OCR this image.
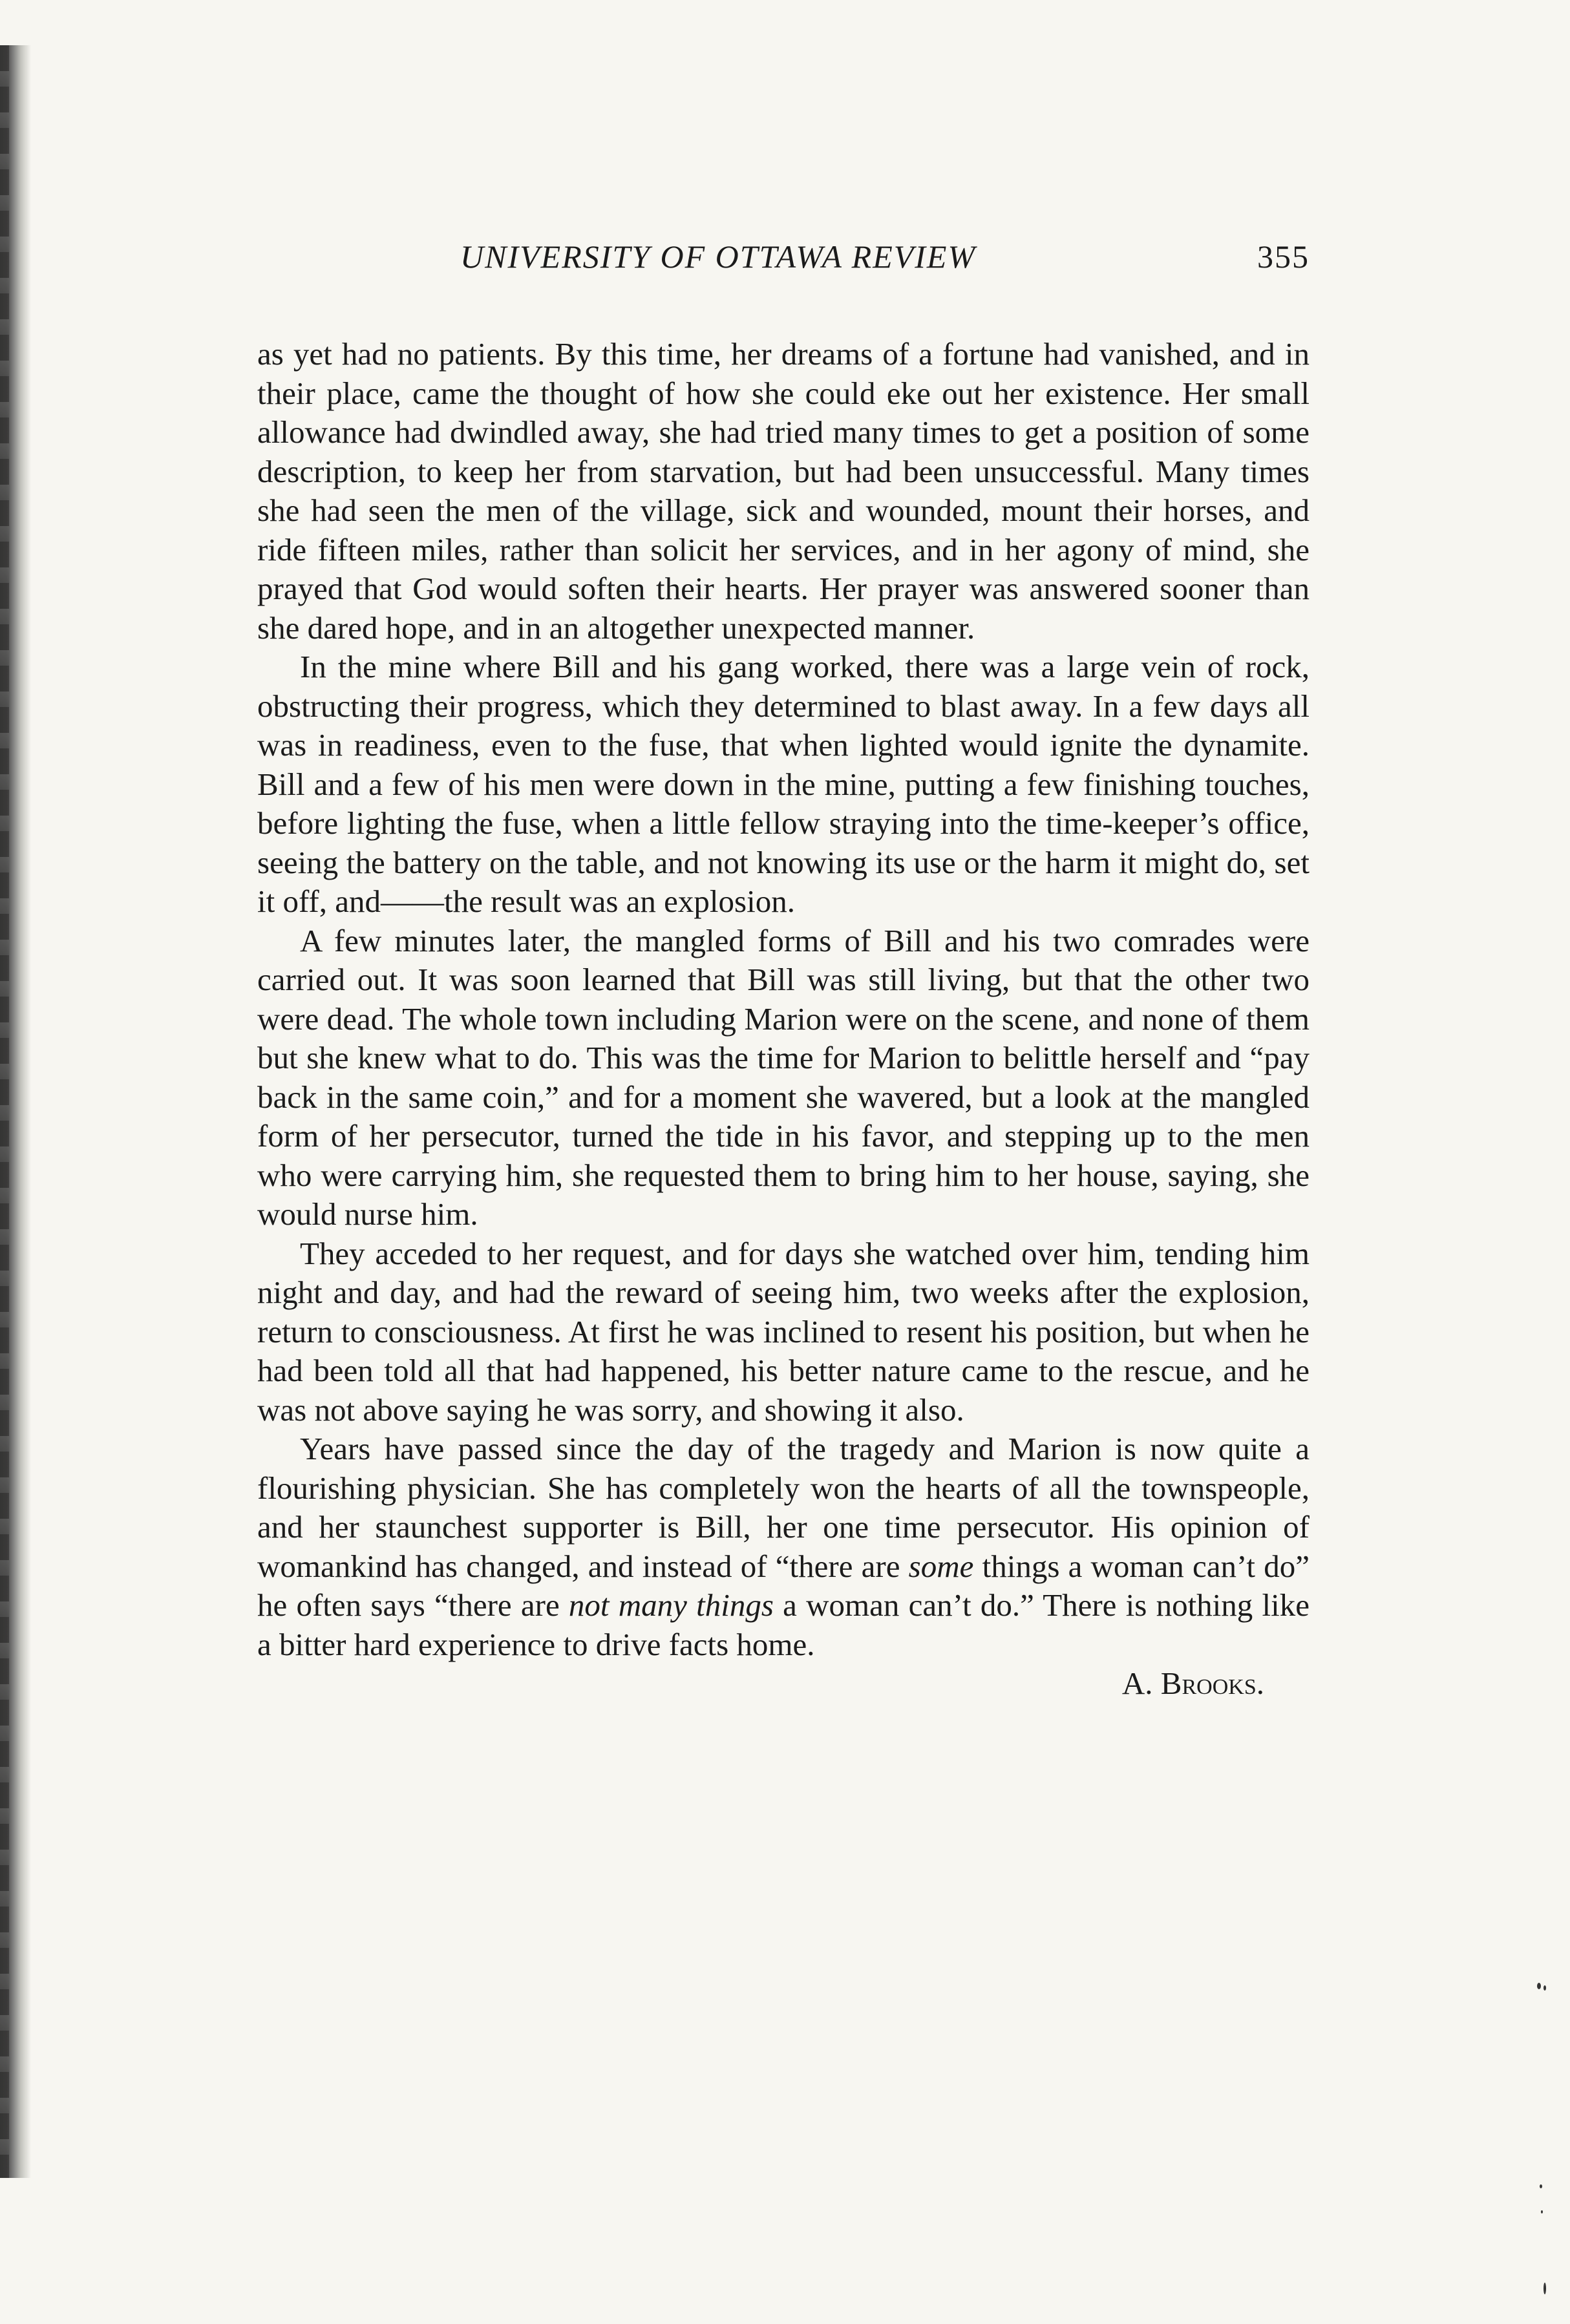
UNIVERSITY OF OTTAWA REVIEW	355

as yet had no patients. By this time, her dreams of a fortune had vanished, and in their place, came the thought of how she could eke out her existence. Her small allowance had dwindled away, she had tried many times to get a position of some description, to keep her from starvation, but had been unsuccessful. Many times she had seen the men of the village, sick and wounded, mount their horses, and ride fifteen miles, rather than solicit her services, and in her agony of mind, she prayed that God would soften their hearts. Her prayer was answered sooner than she dared hope, and in an altogether unexpected manner.

In the mine where Bill and his gang worked, there was a large vein of rock, obstructing their progress, which they determined to blast away. In a few days all was in readiness, even to the fuse, that when lighted would ignite the dynamite. Bill and a few of his men were down in the mine, putting a few finishing touches, before lighting the fuse, when a little fellow straying into the time-keeper’s office, seeing the battery on the table, and not knowing its use or the harm it might do, set it off, and——the result was an explosion.

A few minutes later, the mangled forms of Bill and his two comrades were carried out. It was soon learned that Bill was still living, but that the other two were dead. The whole town including Marion were on the scene, and none of them but she knew what to do. This was the time for Marion to belittle herself and “pay back in the same coin,” and for a moment she wavered, but a look at the mangled form of her persecutor, turned the tide in his favor, and stepping up to the men who were carrying him, she requested them to bring him to her house, saying, she would nurse him.

They acceded to her request, and for days she watched over him, tending him night and day, and had the reward of seeing him, two weeks after the explosion, return to consciousness. At first he was inclined to resent his position, but when he had been told all that had happened, his better nature came to the rescue, and he was not above saying he was sorry, and showing it also.

Years have passed since the day of the tragedy and Marion is now quite a flourishing physician. She has completely won the hearts of all the townspeople, and her staunchest supporter is Bill, her one time persecutor. His opinion of womankind has changed, and instead of “there are some things a woman can’t do” he often says “there are not many things a woman can’t do.” There is nothing like a bitter hard experience to drive facts home.

A. Brooks.
